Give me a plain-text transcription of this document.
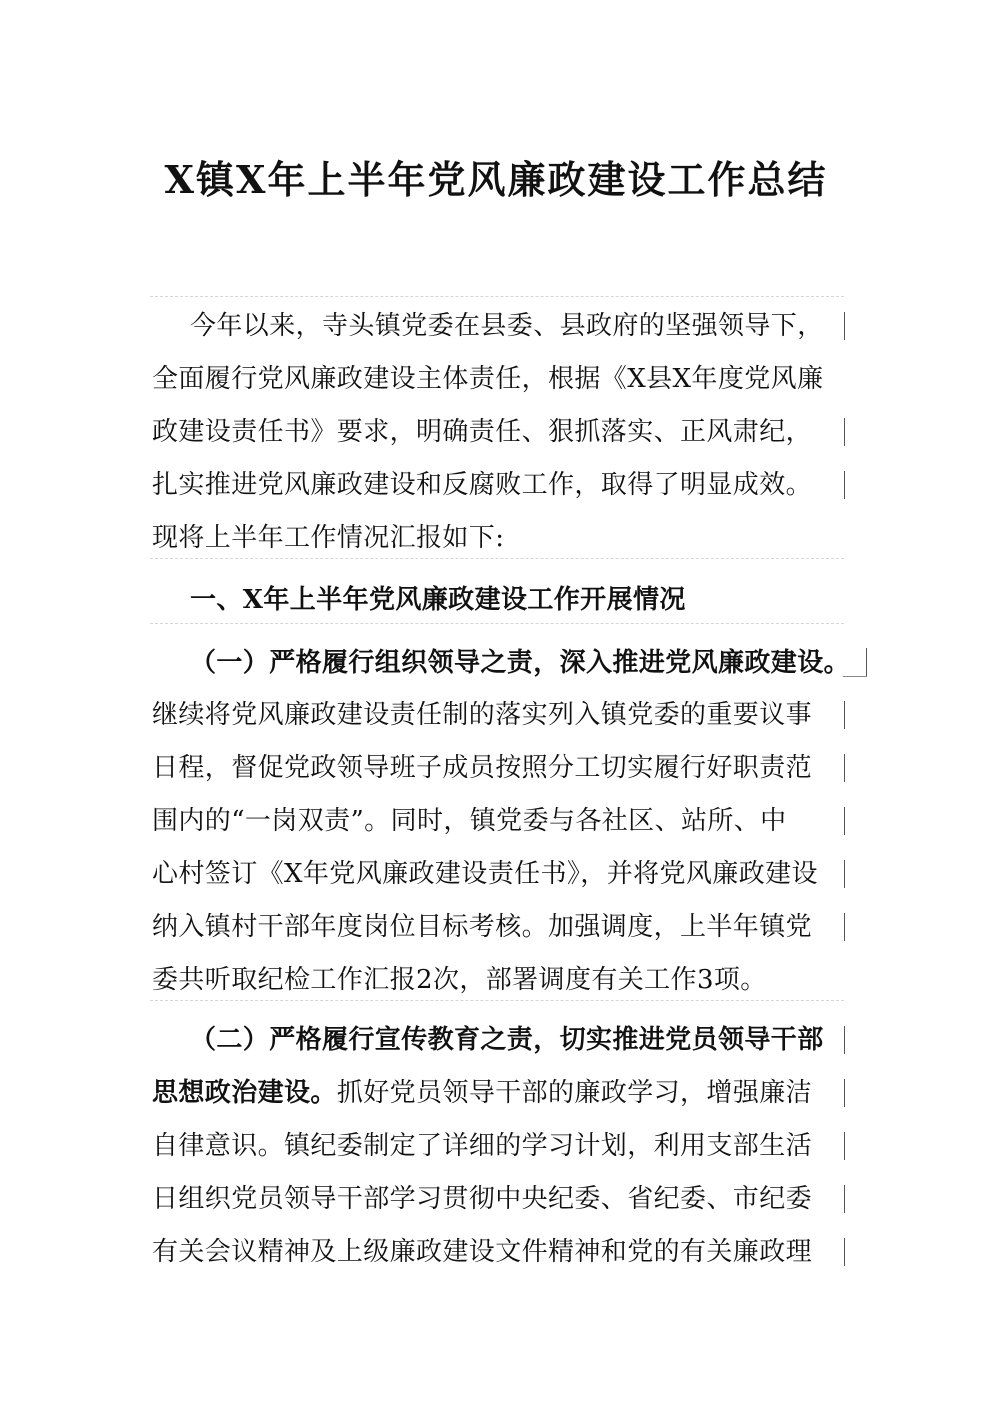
X镇X年上半年党风廉政建设工作总结
今年以来，寺头镇党委在县委、县政府的坚强领导下，
全面履行党风廉政建设主体责任，根据《X县X年度党风廉
政建设责任书》要求，明确责任、狠抓落实、正风肃纪，
扎实推进党风廉政建设和反腐败工作，取得了明显成效。
现将上半年工作情况汇报如下:
一、X年上半年党风廉政建设工作开展情况
（一）严格履行组织领导之责，深入推进党风廉政建设。
继续将党风廉政建设责任制的落实列入镇党委的重要议事
日程，督促党政领导班子成员按照分工切实履行好职责范
围内的“一岗双责”。同时，镇党委与各社区、站所、中
心村签订《X年党风廉政建设责任书》，并将党风廉政建设
纳入镇村干部年度岗位目标考核。加强调度，上半年镇党
委共听取纪检工作汇报2次，部署调度有关工作3项。
（二）严格履行宣传教育之责，切实推进党员领导干部
思想政治建设。抓好党员领导干部的廉政学习，增强廉洁
自律意识。镇纪委制定了详细的学习计划，利用支部生活
日组织党员领导干部学习贯彻中央纪委、省纪委、市纪委
有关会议精神及上级廉政建设文件精神和党的有关廉政理
